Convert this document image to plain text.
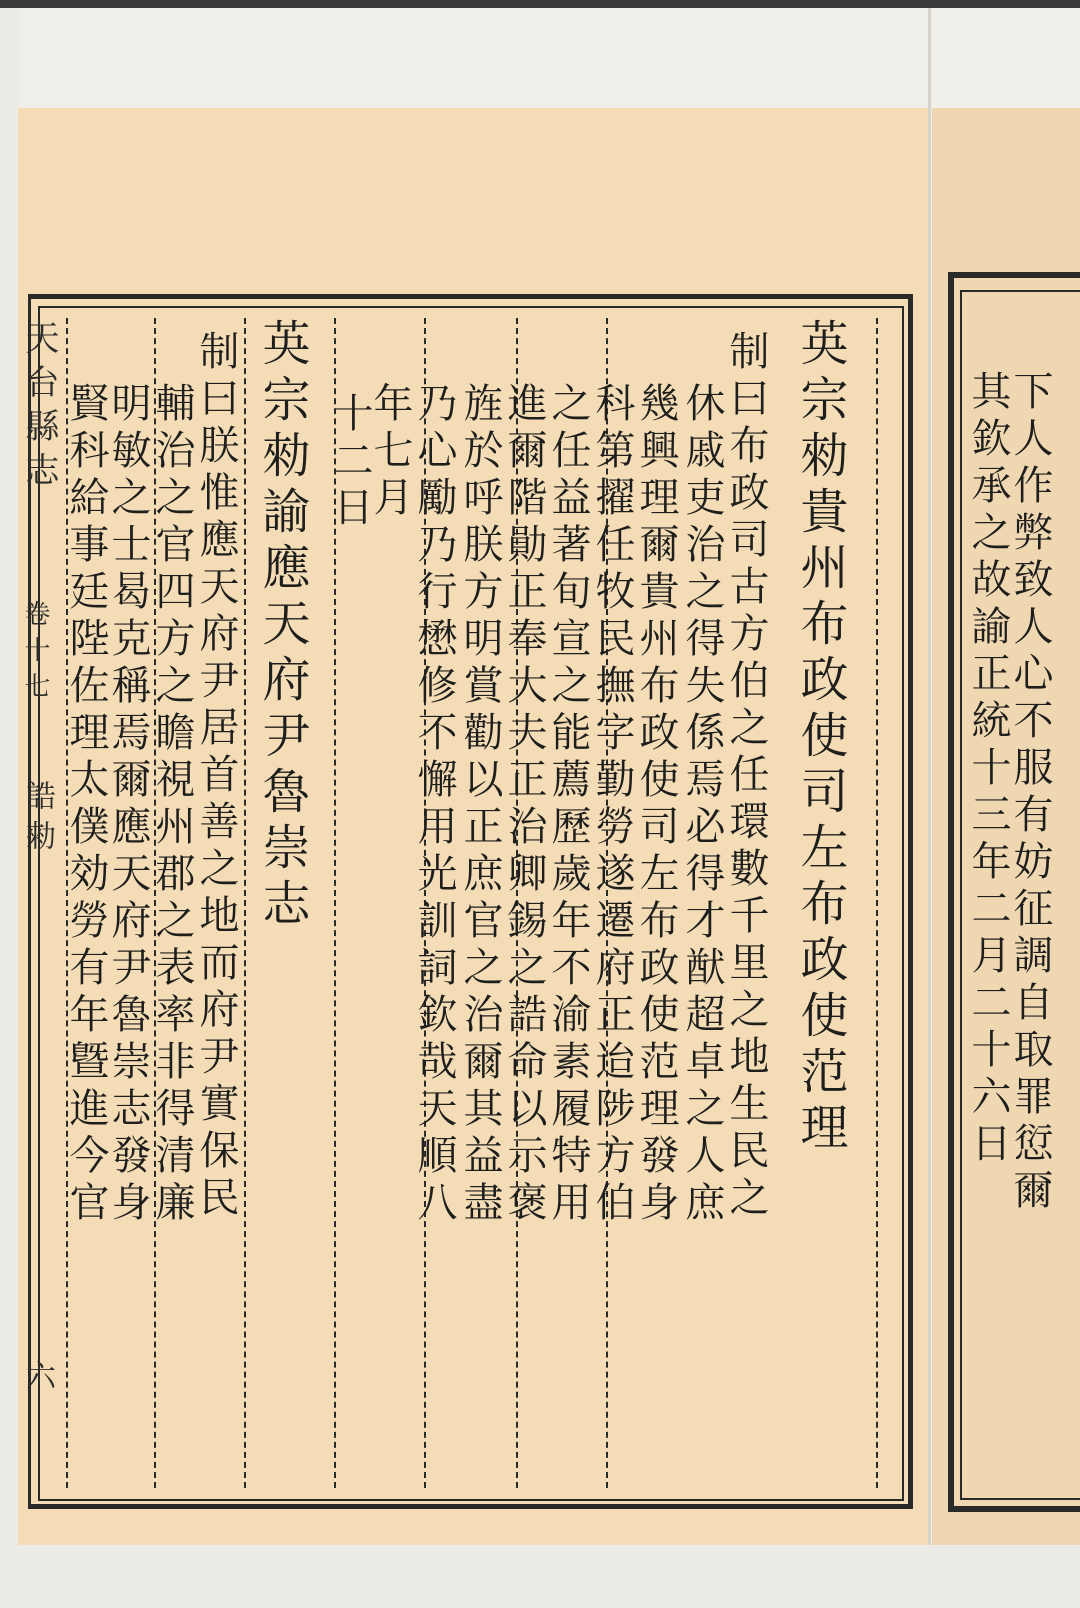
天台縣志
卷十七
誥勑
六
英宗勑貴州布政使司左布政使范理
制曰布政司古方伯之任環數千里之地生民之
休戚吏治之得失係焉必得才猷超卓之人庶
幾興理爾貴州布政使司左布政使范理發身
科第擢任牧民撫字勤勞遂遷府正迨陟方伯
之任益著旬宣之能薦歷歲年不渝素履特用
進爾階勛正奉大夫正治卿錫之誥命以示褒
旌於呼朕方明賞勸以正庶官之治爾其益盡
乃心勵乃行懋修不懈用光訓詞欽哉天順八
年七月
十二日
英宗勑諭應天府尹魯崇志
制曰朕惟應天府尹居首善之地而府尹實保民
輔治之官四方之瞻視州郡之表率非得清廉
明敏之士曷克稱焉爾應天府尹魯崇志發身
賢科給事廷陛佐理太僕効勞有年曁進今官	下人作弊致人心不服有妨征調自取罪愆爾
其欽承之故諭正統十三年二月二十六日
